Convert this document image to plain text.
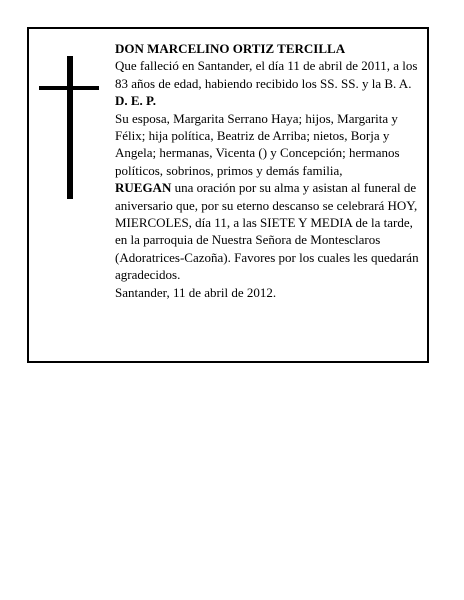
DON MARCELINO ORTIZ TERCILLA

Que falleció en Santander, el día 11 de abril de 2011, a los 83 años de edad, habiendo recibido los SS. SS. y la B. A.

D. E. P.

Su esposa, Margarita Serrano Haya; hijos, Margarita y Félix; hija política, Beatriz de Arriba; nietos, Borja y Angela; hermanas, Vicenta () y Concepción; hermanos políticos, sobrinos, primos y demás familia,

RUEGAN una oración por su alma y asistan al funeral de aniversario que, por su eterno descanso se celebrará HOY, MIERCOLES, día 11, a las SIETE Y MEDIA de la tarde, en la parroquia de Nuestra Señora de Montesclaros (Adoratrices-Cazoña). Favores por los cuales les quedarán agradecidos.

Santander, 11 de abril de 2012.
